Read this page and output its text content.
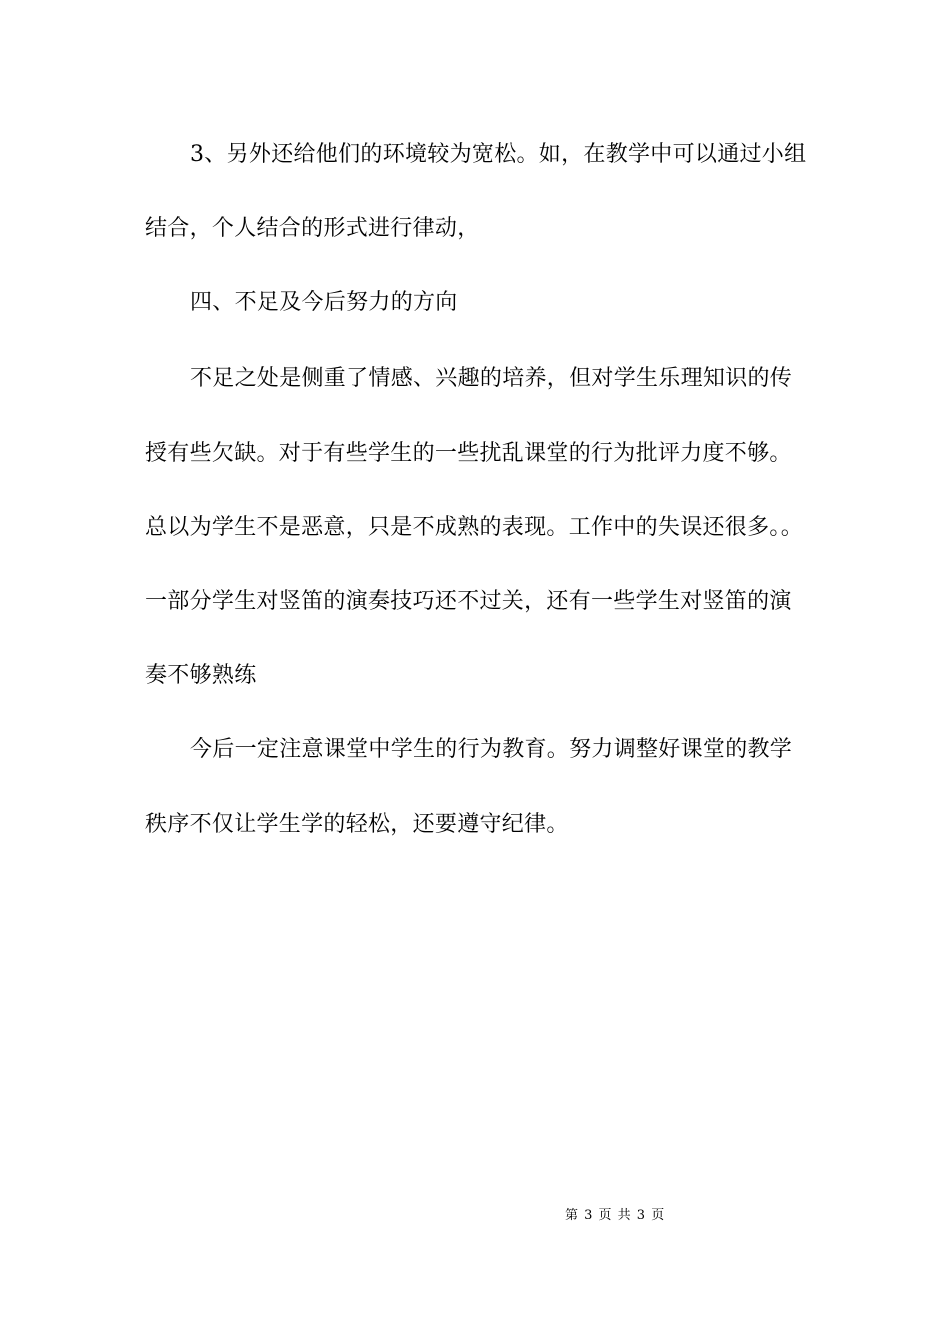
3、另外还给他们的环境较为宽松。如，在教学中可以通过小组
结合，个人结合的形式进行律动，
四、不足及今后努力的方向
不足之处是侧重了情感、兴趣的培养，但对学生乐理知识的传
授有些欠缺。对于有些学生的一些扰乱课堂的行为批评力度不够。
总以为学生不是恶意，只是不成熟的表现。工作中的失误还很多。。
一部分学生对竖笛的演奏技巧还不过关，还有一些学生对竖笛的演
奏不够熟练
今后一定注意课堂中学生的行为教育。努力调整好课堂的教学
秩序不仅让学生学的轻松，还要遵守纪律。
第 3 页 共 3 页
